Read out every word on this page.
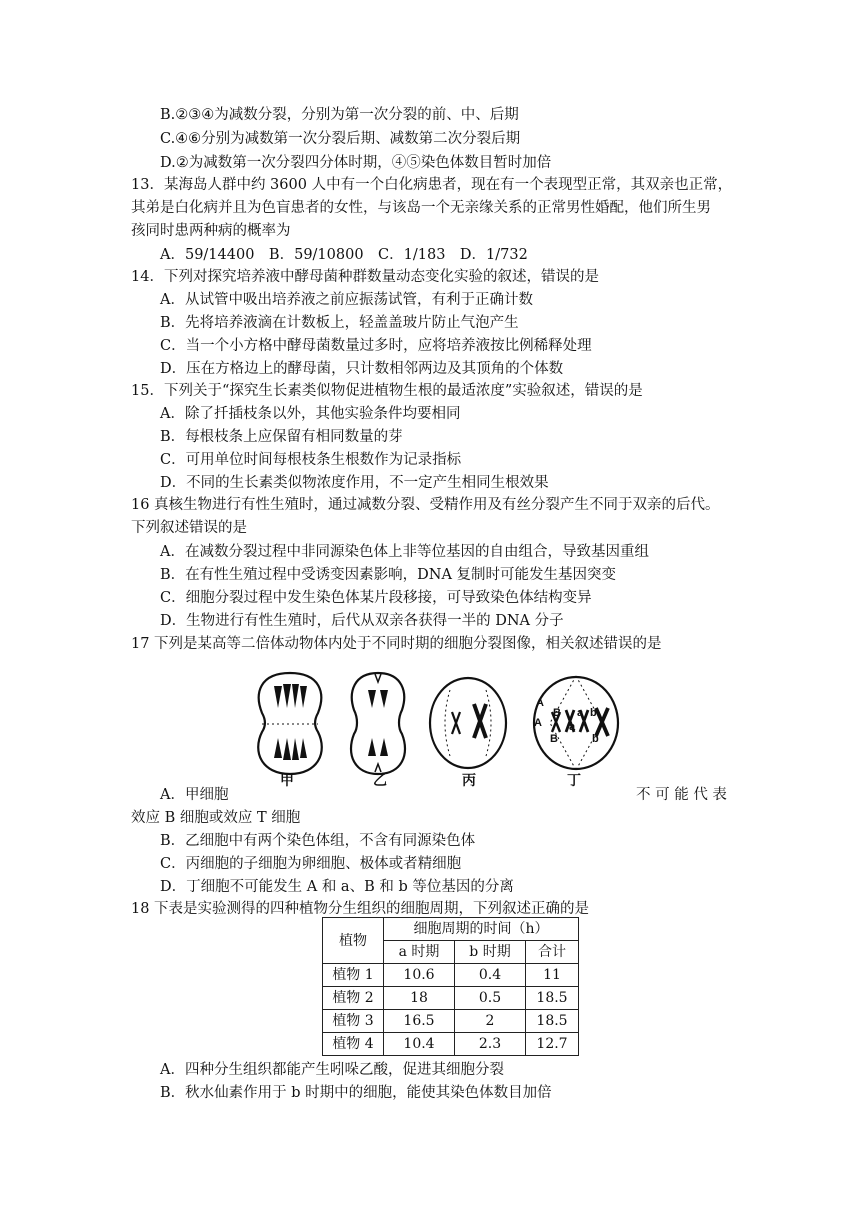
B.②③④为减数分裂，分别为第一次分裂的前、中、后期
C.④⑥分别为减数第一次分裂后期、减数第二次分裂后期
D.②为减数第一次分裂四分体时期，④⑤染色体数目暂时加倍
13．某海岛人群中约 3600 人中有一个白化病患者，现在有一个表现型正常，其双亲也正常，
其弟是白化病并且为色盲患者的女性，与该岛一个无亲缘关系的正常男性婚配，他们所生男
孩同时患两种病的概率为
A．59/14400　B．59/10800　C．1/183　D．1/732
14．下列对探究培养液中酵母菌种群数量动态变化实验的叙述，错误的是
A．从试管中吸出培养液之前应振荡试管，有利于正确计数
B．先将培养液滴在计数板上，轻盖盖玻片防止气泡产生
C．当一个小方格中酵母菌数量过多时，应将培养液按比例稀释处理
D．压在方格边上的酵母菌，只计数相邻两边及其顶角的个体数
15．下列关于“探究生长素类似物促进植物生根的最适浓度”实验叙述，错误的是
A．除了扦插枝条以外，其他实验条件均要相同
B．每根枝条上应保留有相同数量的芽
C．可用单位时间每根枝条生根数作为记录指标
D．不同的生长素类似物浓度作用，不一定产生相同生根效果
16 真核生物进行有性生殖时，通过减数分裂、受精作用及有丝分裂产生不同于双亲的后代。
下列叙述错误的是
A．在减数分裂过程中非同源染色体上非等位基因的自由组合，导致基因重组
B．在有性生殖过程中受诱变因素影响，DNA 复制时可能发生基因突变
C．细胞分裂过程中发生染色体某片段移接，可导致染色体结构变异
D．生物进行有性生殖时，后代从双亲各获得一半的 DNA 分子
17 下列是某高等二倍体动物体内处于不同时期的细胞分裂图像，相关叙述错误的是
A
A
B a
a
b
B	b
甲	乙	丙	丁
A．甲细胞	不 可 能 代 表
效应 B 细胞或效应 T 细胞
B．乙细胞中有两个染色体组，不含有同源染色体
C．丙细胞的子细胞为卵细胞、极体或者精细胞
D．丁细胞不可能发生 A 和 a、B 和 b 等位基因的分离
18 下表是实验测得的四种植物分生组织的细胞周期，下列叙述正确的是
植物	细胞周期的时间（h）		
	a 时期	b 时期	合计
植物 1	10.6	0.4	11
植物 2	18	0.5	18.5
植物 3	16.5	2	18.5
植物 4	10.4	2.3	12.7
A．四种分生组织都能产生吲哚乙酸，促进其细胞分裂
B．秋水仙素作用于 b 时期中的细胞，能使其染色体数目加倍
